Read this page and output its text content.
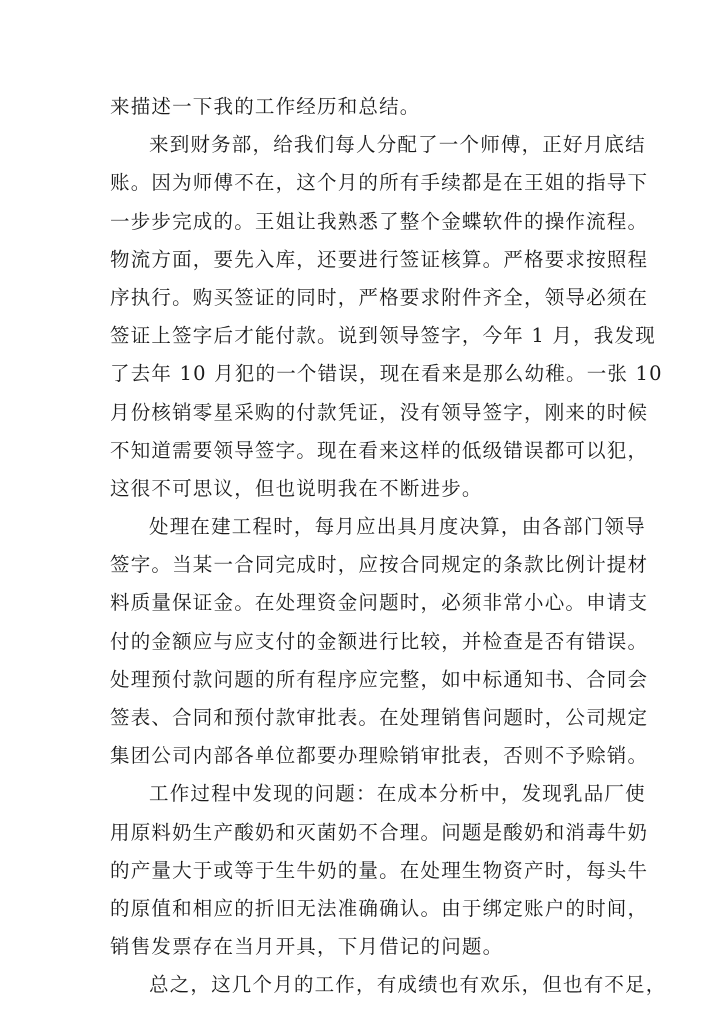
来描述一下我的工作经历和总结。
来到财务部，给我们每人分配了一个师傅，正好月底结
账。因为师傅不在，这个月的所有手续都是在王姐的指导下
一步步完成的。王姐让我熟悉了整个金蝶软件的操作流程。
物流方面，要先入库，还要进行签证核算。严格要求按照程
序执行。购买签证的同时，严格要求附件齐全，领导必须在
签证上签字后才能付款。说到领导签字，今年 1 月，我发现
了去年 10 月犯的一个错误，现在看来是那么幼稚。一张 10
月份核销零星采购的付款凭证，没有领导签字，刚来的时候
不知道需要领导签字。现在看来这样的低级错误都可以犯，
这很不可思议，但也说明我在不断进步。
处理在建工程时，每月应出具月度决算，由各部门领导
签字。当某一合同完成时，应按合同规定的条款比例计提材
料质量保证金。在处理资金问题时，必须非常小心。申请支
付的金额应与应支付的金额进行比较，并检查是否有错误。
处理预付款问题的所有程序应完整，如中标通知书、合同会
签表、合同和预付款审批表。在处理销售问题时，公司规定
集团公司内部各单位都要办理赊销审批表，否则不予赊销。
工作过程中发现的问题：在成本分析中，发现乳品厂使
用原料奶生产酸奶和灭菌奶不合理。问题是酸奶和消毒牛奶
的产量大于或等于生牛奶的量。在处理生物资产时，每头牛
的原值和相应的折旧无法准确确认。由于绑定账户的时间，
销售发票存在当月开具，下月借记的问题。
总之，这几个月的工作，有成绩也有欢乐，但也有不足，
